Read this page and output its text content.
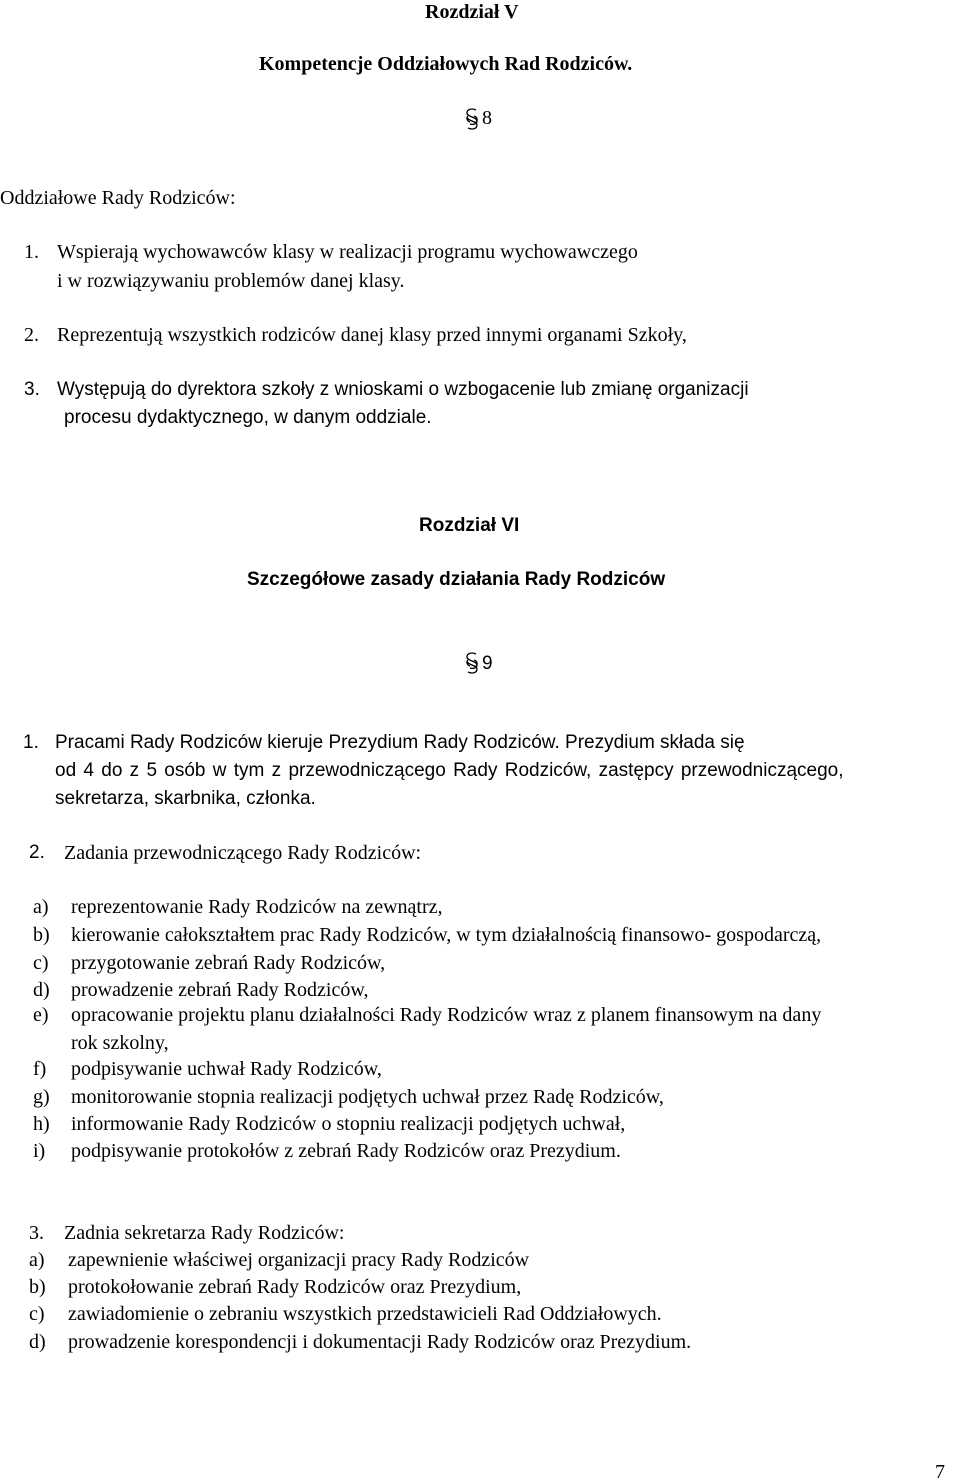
Rozdział V
Kompetencje Oddziałowych Rad Rodziców.
8
Oddziałowe Rady Rodziców:
1. Wspierają wychowawców klasy w realizacji programu wychowawczego
i w rozwiązywaniu problemów danej klasy.
2. Reprezentują wszystkich rodziców danej klasy przed innymi organami Szkoły,
3. Występują do dyrektora szkoły z wnioskami o wzbogacenie lub zmianę organizacji
procesu dydaktycznego, w danym oddziale.
Rozdział VI
Szczegółowe zasady działania Rady Rodziców
9
1. Pracami Rady Rodziców kieruje Prezydium Rady Rodziców. Prezydium składa się
od 4 do z 5 osób w tym z przewodniczącego Rady Rodziców, zastępcy przewodniczącego,
sekretarza, skarbnika, członka.
2. Zadania przewodniczącego Rady Rodziców:
a) reprezentowanie Rady Rodziców na zewnątrz,
b) kierowanie całokształtem prac Rady Rodziców, w tym działalnością finansowo- gospodarczą,
c) przygotowanie zebrań Rady Rodziców,
d) prowadzenie zebrań Rady Rodziców,
e) opracowanie projektu planu działalności Rady Rodziców wraz z planem finansowym na dany
rok szkolny,
f) podpisywanie uchwał Rady Rodziców,
g) monitorowanie stopnia realizacji podjętych uchwał przez Radę Rodziców,
h) informowanie Rady Rodziców o stopniu realizacji podjętych uchwał,
i) podpisywanie protokołów z zebrań Rady Rodziców oraz Prezydium.
3. Zadnia sekretarza Rady Rodziców:
a) zapewnienie właściwej organizacji pracy Rady Rodziców
b) protokołowanie zebrań Rady Rodziców oraz Prezydium,
c) zawiadomienie o zebraniu wszystkich przedstawicieli Rad Oddziałowych.
d) prowadzenie korespondencji i dokumentacji Rady Rodziców oraz Prezydium.
7
